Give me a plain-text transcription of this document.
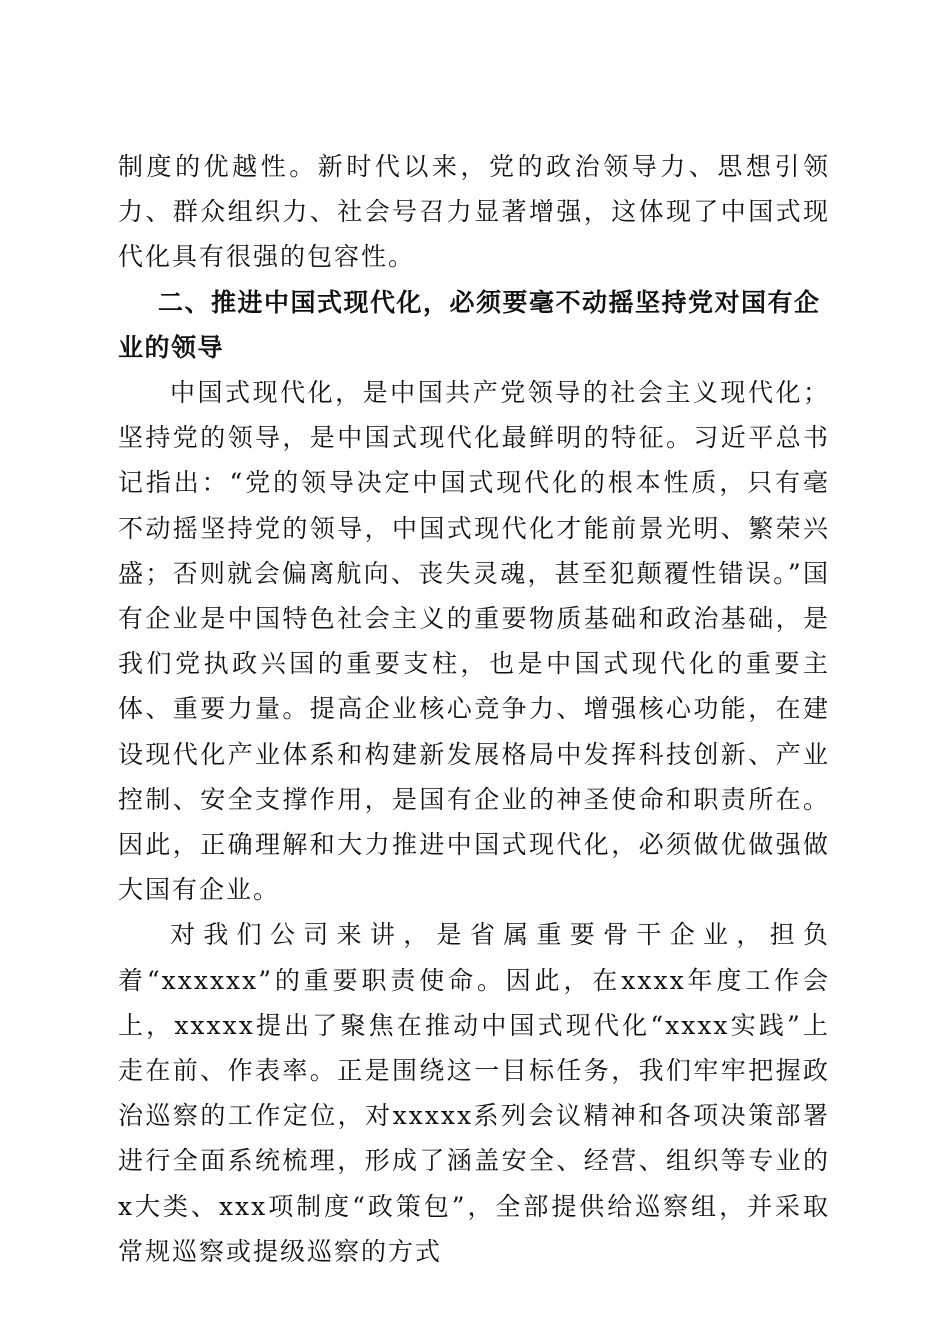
制度的优越性。新时代以来，党的政治领导力、思想引领力、群众组织力、社会号召力显著增强，这体现了中国式现代化具有很强的包容性。

二、推进中国式现代化，必须要毫不动摇坚持党对国有企业的领导

中国式现代化，是中国共产党领导的社会主义现代化；坚持党的领导，是中国式现代化最鲜明的特征。习近平总书记指出：“党的领导决定中国式现代化的根本性质，只有毫不动摇坚持党的领导，中国式现代化才能前景光明、繁荣兴盛；否则就会偏离航向、丧失灵魂，甚至犯颠覆性错误。”国有企业是中国特色社会主义的重要物质基础和政治基础，是我们党执政兴国的重要支柱，也是中国式现代化的重要主体、重要力量。提高企业核心竞争力、增强核心功能，在建设现代化产业体系和构建新发展格局中发挥科技创新、产业控制、安全支撑作用，是国有企业的神圣使命和职责所在。因此，正确理解和大力推进中国式现代化，必须做优做强做大国有企业。

对我们公司来讲，是省属重要骨干企业，担负着“xxxxxx”的重要职责使命。因此，在xxxx年度工作会上，xxxxx提出了聚焦在推动中国式现代化“xxxx实践”上走在前、作表率。正是围绕这一目标任务，我们牢牢把握政治巡察的工作定位，对xxxxx系列会议精神和各项决策部署进行全面系统梳理，形成了涵盖安全、经营、组织等专业的x大类、xxx项制度“政策包”，全部提供给巡察组，并采取常规巡察或提级巡察的方式
